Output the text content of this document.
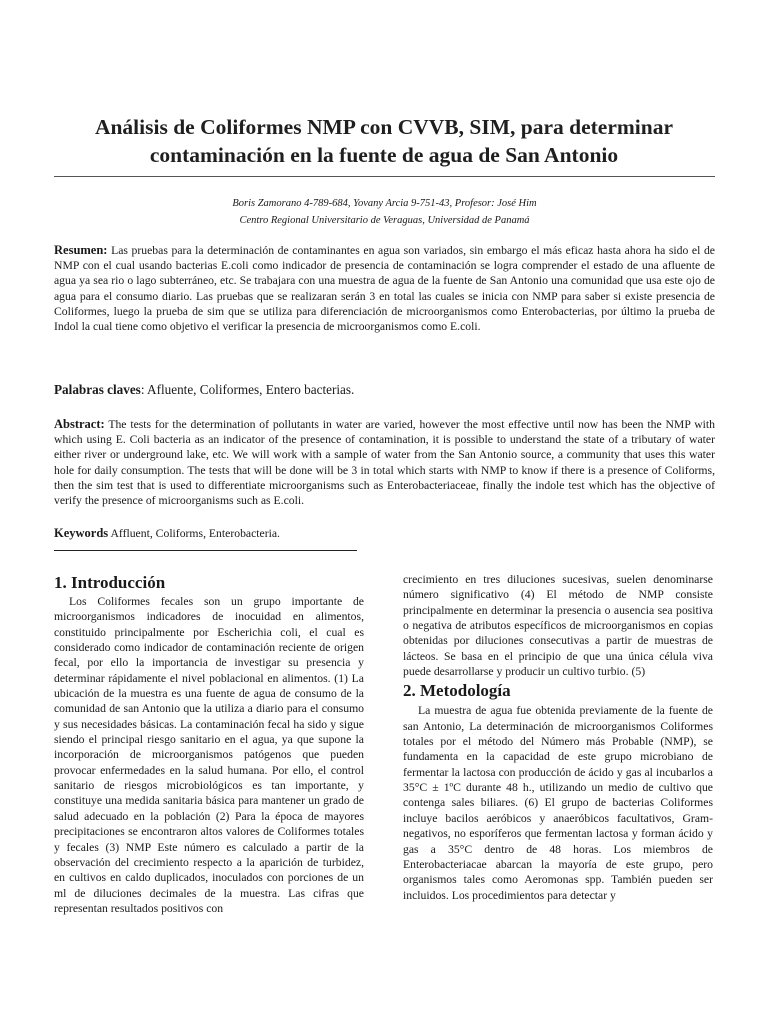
Análisis de Coliformes NMP con CVVB, SIM, para determinar
contaminación en la fuente de agua de San Antonio
Boris Zamorano 4-789-684, Yovany Arcia 9-751-43, Profesor: José Him
Centro Regional Universitario de Veraguas, Universidad de Panamá
Resumen: Las pruebas para la determinación de contaminantes en agua son variados, sin embargo el más eficaz hasta ahora ha sido el de NMP con el cual usando bacterias E.coli como indicador de presencia de contaminación se logra comprender el estado de una afluente de agua ya sea rio o lago subterráneo, etc. Se trabajara con una muestra de agua de la fuente de San Antonio una comunidad que usa este ojo de agua para el consumo diario. Las pruebas que se realizaran serán 3 en total las cuales se inicia con NMP para saber si existe presencia de Coliformes, luego la prueba de sim que se utiliza para diferenciación de microorganismos como Enterobacterias, por último la prueba de Indol la cual tiene como objetivo el verificar la presencia de microorganismos como E.coli.
Palabras claves: Afluente, Coliformes, Entero bacterias.
Abstract: The tests for the determination of pollutants in water are varied, however the most effective until now has been the NMP with which using E. Coli bacteria as an indicator of the presence of contamination, it is possible to understand the state of a tributary of water either river or underground lake, etc. We will work with a sample of water from the San Antonio source, a community that uses this water hole for daily consumption. The tests that will be done will be 3 in total which starts with NMP to know if there is a presence of Coliforms, then the sim test that is used to differentiate microorganisms such as Enterobacteriaceae, finally the indole test which has the objective of verify the presence of microorganisms such as E.coli.
Keywords Affluent, Coliforms, Enterobacteria.
1. Introducción

Los Coliformes fecales son un grupo importante de microorganismos indicadores de inocuidad en alimentos, constituido principalmente por Escherichia coli, el cual es considerado como indicador de contaminación reciente de origen fecal, por ello la importancia de investigar su presencia y determinar rápidamente el nivel poblacional en alimentos. (1) La ubicación de la muestra es una fuente de agua de consumo de la comunidad de san Antonio que la utiliza a diario para el consumo y sus necesidades básicas. La contaminación fecal ha sido y sigue siendo el principal riesgo sanitario en el agua, ya que supone la incorporación de microorganismos patógenos que pueden provocar enfermedades en la salud humana. Por ello, el control sanitario de riesgos microbiológicos es tan importante, y constituye una medida sanitaria básica para mantener un grado de salud adecuado en la población (2) Para la época de mayores precipitaciones se encontraron altos valores de Coliformes totales y fecales (3) NMP Este número es calculado a partir de la observación del crecimiento respecto a la aparición de turbidez, en cultivos en caldo duplicados, inoculados con porciones de un ml de diluciones decimales de la muestra. Las cifras que representan resultados positivos con

crecimiento en tres diluciones sucesivas, suelen denominarse número significativo (4) El método de NMP consiste principalmente en determinar la presencia o ausencia sea positiva o negativa de atributos específicos de microorganismos en copias obtenidas por diluciones consecutivas a partir de muestras de lácteos. Se basa en el principio de que una única célula viva puede desarrollarse y producir un cultivo turbio. (5)

2. Metodología

La muestra de agua fue obtenida previamente de la fuente de san Antonio, La determinación de microorganismos Coliformes totales por el método del Número más Probable (NMP), se fundamenta en la capacidad de este grupo microbiano de fermentar la lactosa con producción de ácido y gas al incubarlos a 35°C ± 1ºC durante 48 h., utilizando un medio de cultivo que contenga sales biliares. (6) El grupo de bacterias Coliformes incluye bacilos aeróbicos y anaeróbicos facultativos, Gram-negativos, no esporíferos que fermentan lactosa y forman ácido y gas a 35°C dentro de 48 horas. Los miembros de Enterobacteriacae abarcan la mayoría de este grupo, pero organismos tales como Aeromonas spp. También pueden ser incluidos. Los procedimientos para detectar y
